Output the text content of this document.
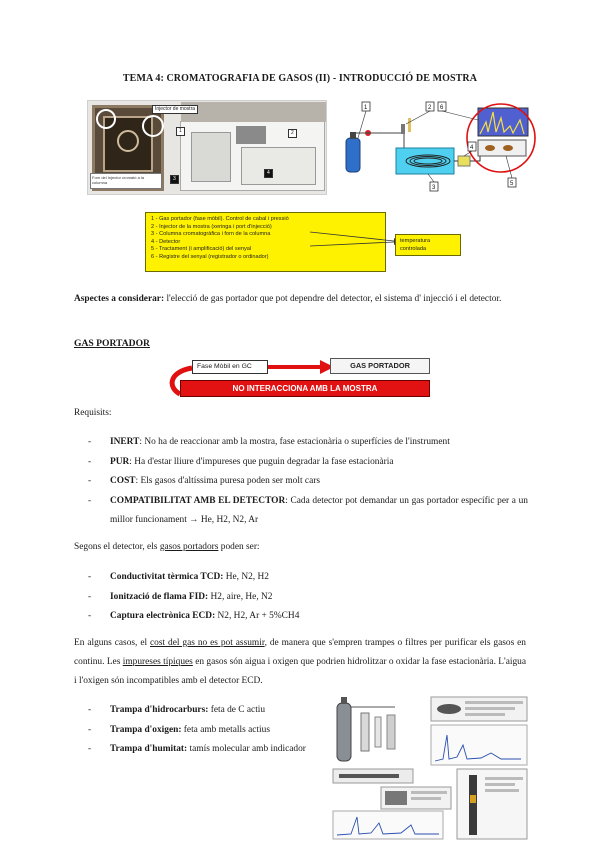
TEMA 4: CROMATOGRAFIA DE GASOS (II) - INTRODUCCIÓ DE MOSTRA
Forn del Injector cromató a la columna
Injector de mostra
1
3
2
4
1	2 6
3
4
5
1 - Gas portador (fase mòbil). Control de cabal i pressió
2 - Injector de la mostra (xeringa i port d'injecció)
3 - Columna cromatogràfica i forn de la columna
4 - Detector
5 - Tractament (i amplificació) del senyal
6 - Registre del senyal (registrador o ordinador)
temperatura controlada
Aspectes a considerar: l'elecció de gas portador que pot dependre del detector, el sistema d' injecció i el detector.
GAS PORTADOR
Fase Mòbil en GC	GAS PORTADOR
NO INTERACCIONA AMB LA MOSTRA
Requisits:
- INERT: No ha de reaccionar amb la mostra, fase estacionària o superfícies de l'instrument
- PUR: Ha d'estar lliure d'impureses que puguin degradar la fase estacionària
- COST: Els gasos d'altíssima puresa poden ser molt cars
- COMPATIBILITAT AMB EL DETECTOR: Cada detector pot demandar un gas portador específic per a un millor funcionament → He, H2, N2, Ar
Segons el detector, els gasos portadors poden ser:
- Conductivitat tèrmica TCD: He, N2, H2
- Ionització de flama FID: H2, aire, He, N2
- Captura electrònica ECD: N2, H2, Ar + 5%CH4
En alguns casos, el cost del gas no es pot assumir, de manera que s'empren trampes o filtres per purificar els gasos en continu. Les impureses típiques en gasos són aigua i oxigen que podrien hidrolitzar o oxidar la fase estacionària. L'aigua i l'oxigen són incompatibles amb el detector ECD.
- Trampa d'hidrocarburs: feta de C actiu
- Trampa d'oxigen: feta amb metalls actius
- Trampa d'humitat: tamís molecular amb indicador
